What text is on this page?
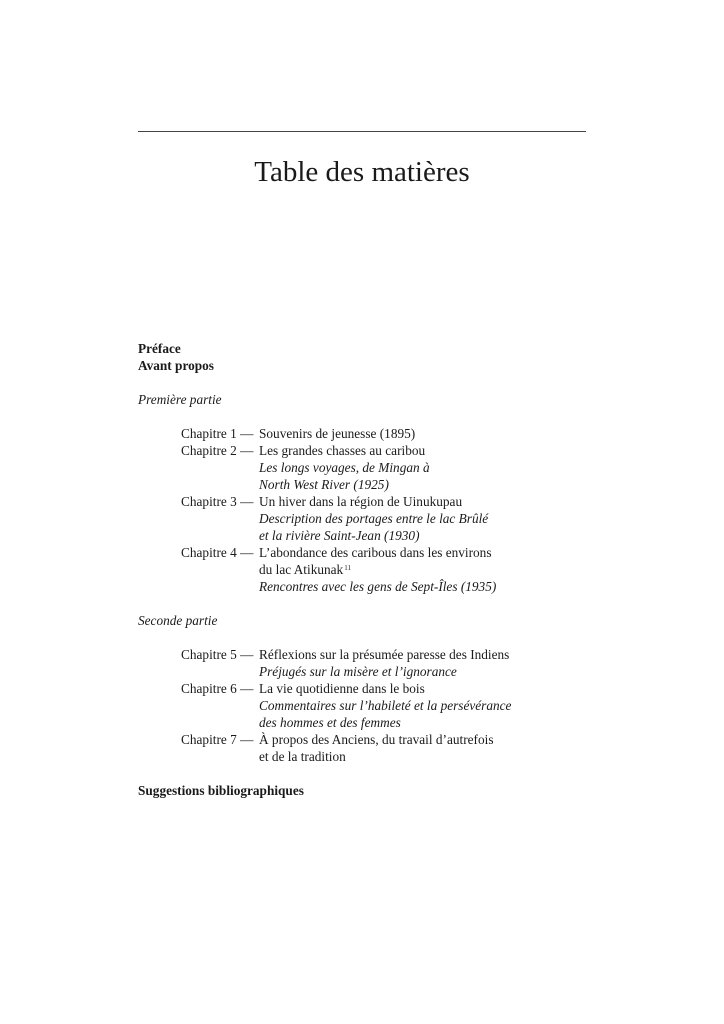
Table des matières
Préface
Avant propos
Première partie
Chapitre 1 — Souvenirs de jeunesse (1895)
Chapitre 2 — Les grandes chasses au caribou
Les longs voyages, de Mingan à
North West River (1925)
Chapitre 3 — Un hiver dans la région de Uinukupau
Description des portages entre le lac Brûlé
et la rivière Saint-Jean (1930)
Chapitre 4 — L’abondance des caribous dans les environs
du lac Atikunak$^{11}$
Rencontres avec les gens de Sept-Îles (1935)
Seconde partie
Chapitre 5 — Réflexions sur la présumée paresse des Indiens
Préjugés sur la misère et l’ignorance
Chapitre 6 — La vie quotidienne dans le bois
Commentaires sur l’habileté et la persévérance
des hommes et des femmes
Chapitre 7 — À propos des Anciens, du travail d’autrefois
et de la tradition
Suggestions bibliographiques
